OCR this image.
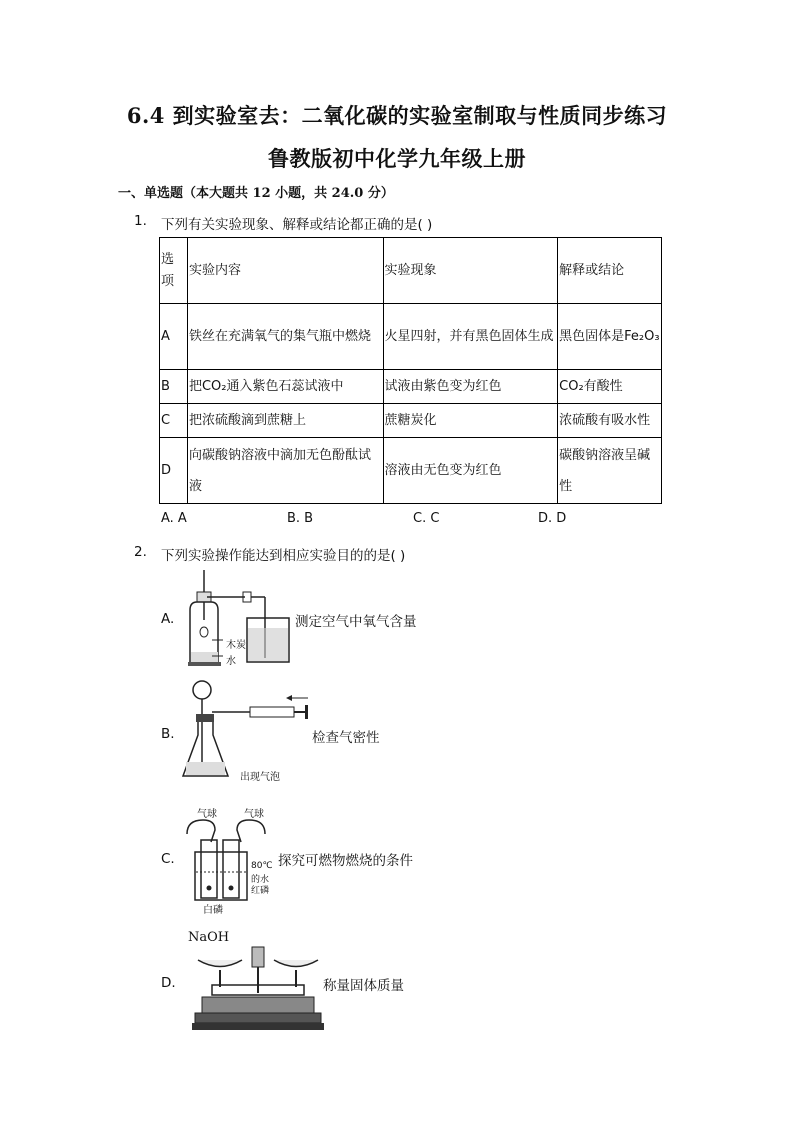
6.4 到实验室去：二氧化碳的实验室制取与性质同步练习
鲁教版初中化学九年级上册
一、单选题（本大题共 12 小题，共 24.0 分）
1. 下列有关实验现象、解释或结论都正确的是( )
选项	实验内容	实验现象	解释或结论
A	铁丝在充满氧气的集气瓶中燃烧	火星四射，并有黑色固体生成	黑色固体是Fe₂O₃
B	把CO₂通入紫色石蕊试液中	试液由紫色变为红色	CO₂有酸性
C	把浓硫酸滴到蔗糖上	蔗糖炭化	浓硫酸有吸水性
D	向碳酸钠溶液中滴加无色酚酞试液	溶液由无色变为红色	碳酸钠溶液呈碱性
A. A	B. B	C. C	D. D
2. 下列实验操作能达到相应实验目的的是( )
A.	测定空气中氧气含量
木炭
水
B.	检查气密性
出现气泡
C.	探究可燃物燃烧的条件
气球	气球
80℃
的水
红磷
白磷
D.	称量固体质量
NaOH
